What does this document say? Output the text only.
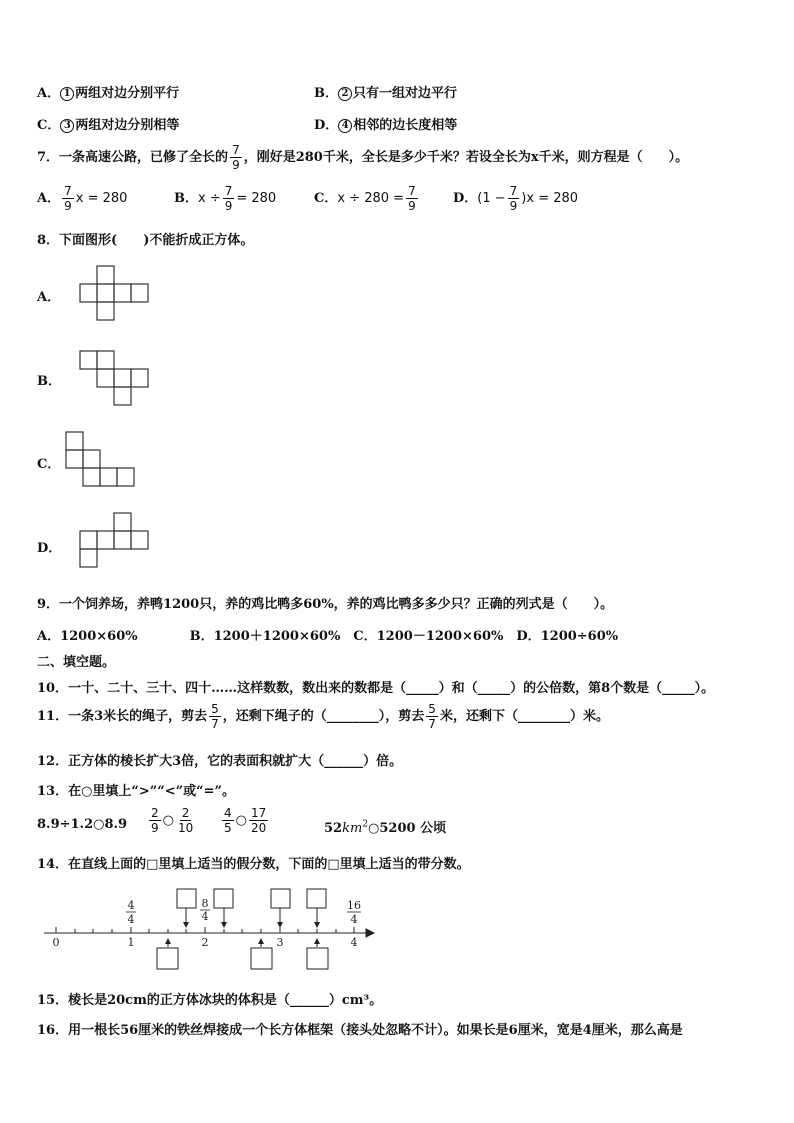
A． 1 两组对边分别平行	B． 2 只有一组对边平行
C． 3 两组对边分别相等	D． 4 相邻的边长度相等
7．一条高速公路，已修了全长的 $\frac{7}{9}$ ，刚好是280千米，全长是多少千米？若设全长为x千米，则方程是（　　）。
A． $\frac{7}{9}$ x = 280	B．$x \div \frac{7}{9} = 280$	C．$x \div 280 = \frac{7}{9}$	D．$(1 - \frac{7}{9} )x = 280$
8．下面图形(　　)不能折成正方体。
A．
B．
C．
D．
9．一个饲养场，养鸭1200只，养的鸡比鸭多60%，养的鸡比鸭多多少只？正确的列式是（　　）。
A．1200×60%　　　　B．1200＋1200×60%　C．1200－1200×60%　D．1200÷60%
二、填空题。
10．一十、二十、三十、四十……这样数数，数出来的数都是（_____）和（_____）的公倍数，第8个数是（_____）。
11．一条3米长的绳子，剪去 $\frac{5}{7}$ ，还剩下绳子的（________），剪去 $\frac{5}{7}$ 米，还剩下（________）米。
12．正方体的棱长扩大3倍，它的表面积就扩大（______）倍。
13．在○里填上“>”“<”或“=”。
8.9÷1.2○8.9 $\frac{2}{9}$ ○ $\frac{2}{10} \frac{4}{5}$ ○ $\frac{17}{20}$	$52km^2○5200$ 公顷
14．在直线上面的□里填上适当的假分数，下面的□里填上适当的带分数。
0	1	2	3	4
4
4
8
4
16
4
15．棱长是20cm的正方体冰块的体积是（______）cm³。
16．用一根长56厘米的铁丝焊接成一个长方体框架（接头处忽略不计）。如果长是6厘米，宽是4厘米，那么高是
